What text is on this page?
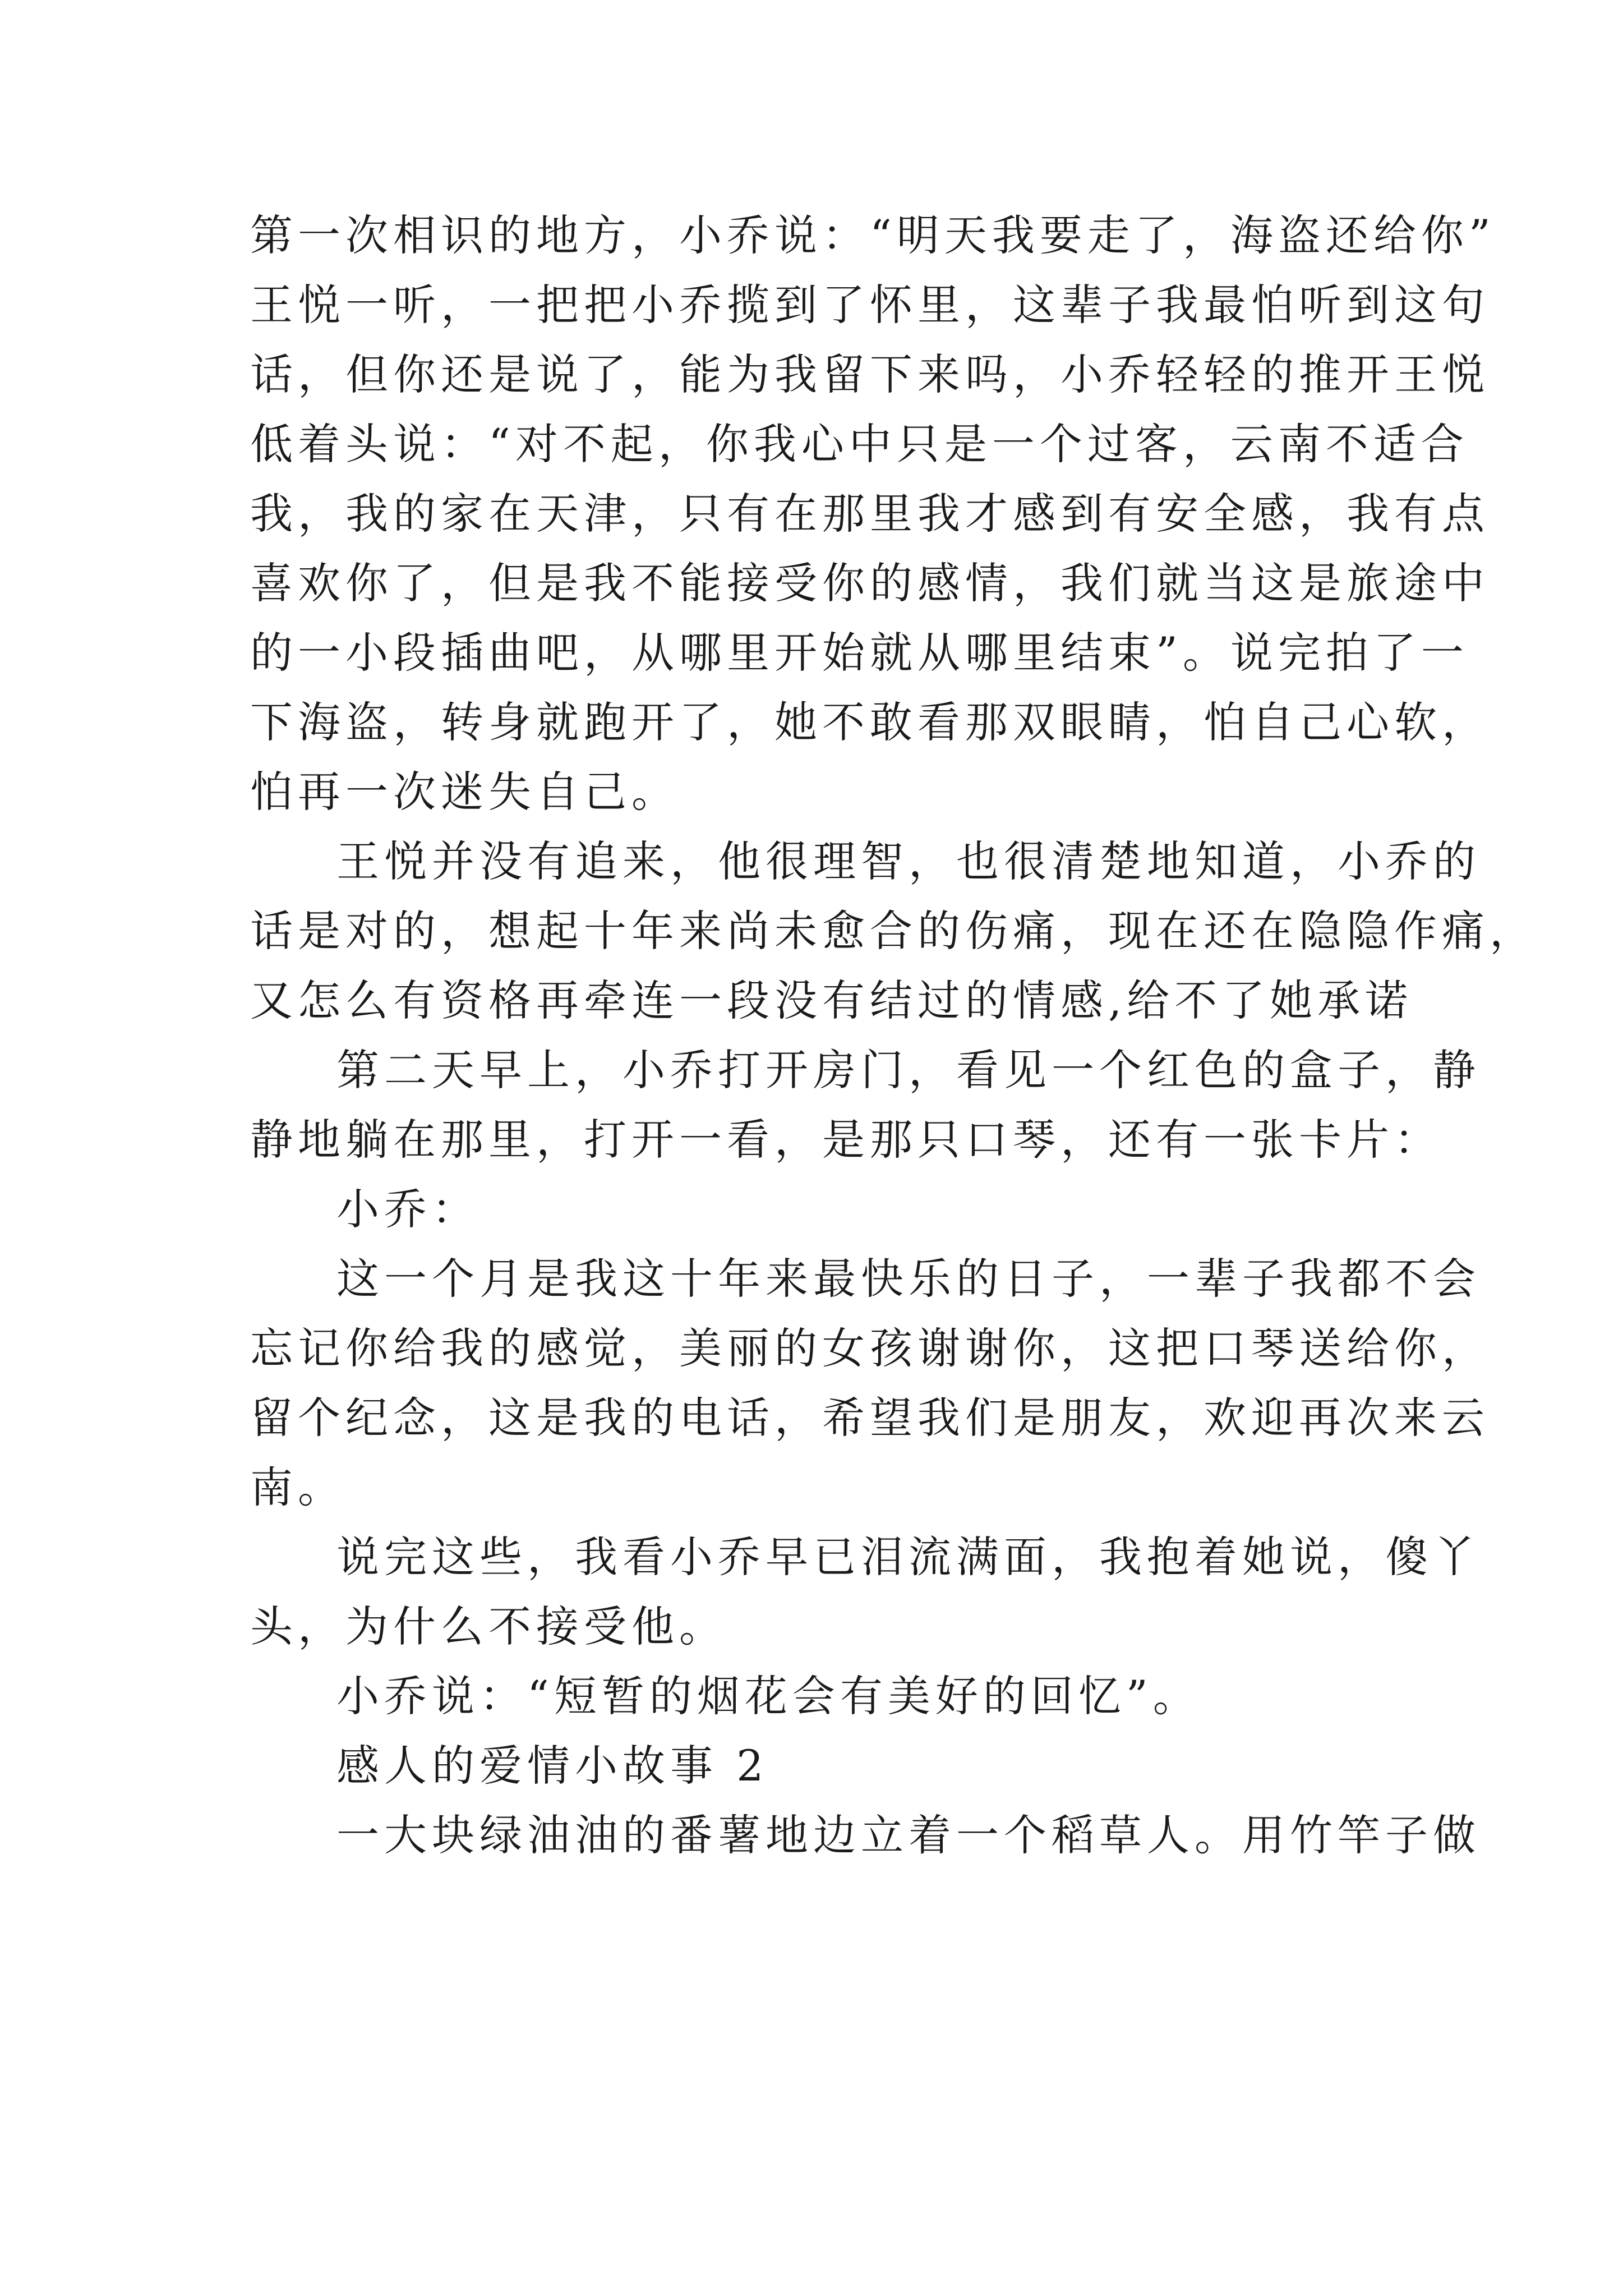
第一次相识的地方，小乔说：“明天我要走了，海盗还给你”
王悦一听，一把把小乔揽到了怀里，这辈子我最怕听到这句
话，但你还是说了，能为我留下来吗，小乔轻轻的推开王悦
低着头说：“对不起，你我心中只是一个过客，云南不适合
我，我的家在天津，只有在那里我才感到有安全感，我有点
喜欢你了，但是我不能接受你的感情，我们就当这是旅途中
的一小段插曲吧，从哪里开始就从哪里结束”。说完拍了一
下海盗，转身就跑开了，她不敢看那双眼睛，怕自己心软，
怕再一次迷失自己。
王悦并没有追来，他很理智，也很清楚地知道，小乔的
话是对的，想起十年来尚未愈合的伤痛，现在还在隐隐作痛，
又怎么有资格再牵连一段没有结过的情感,给不了她承诺
第二天早上，小乔打开房门，看见一个红色的盒子，静
静地躺在那里，打开一看，是那只口琴，还有一张卡片：
小乔：
这一个月是我这十年来最快乐的日子，一辈子我都不会
忘记你给我的感觉，美丽的女孩谢谢你，这把口琴送给你，
留个纪念，这是我的电话，希望我们是朋友，欢迎再次来云
南。
说完这些，我看小乔早已泪流满面，我抱着她说，傻丫
头，为什么不接受他。
小乔说：“短暂的烟花会有美好的回忆”。
感人的爱情小故事 2
一大块绿油油的番薯地边立着一个稻草人。用竹竿子做
